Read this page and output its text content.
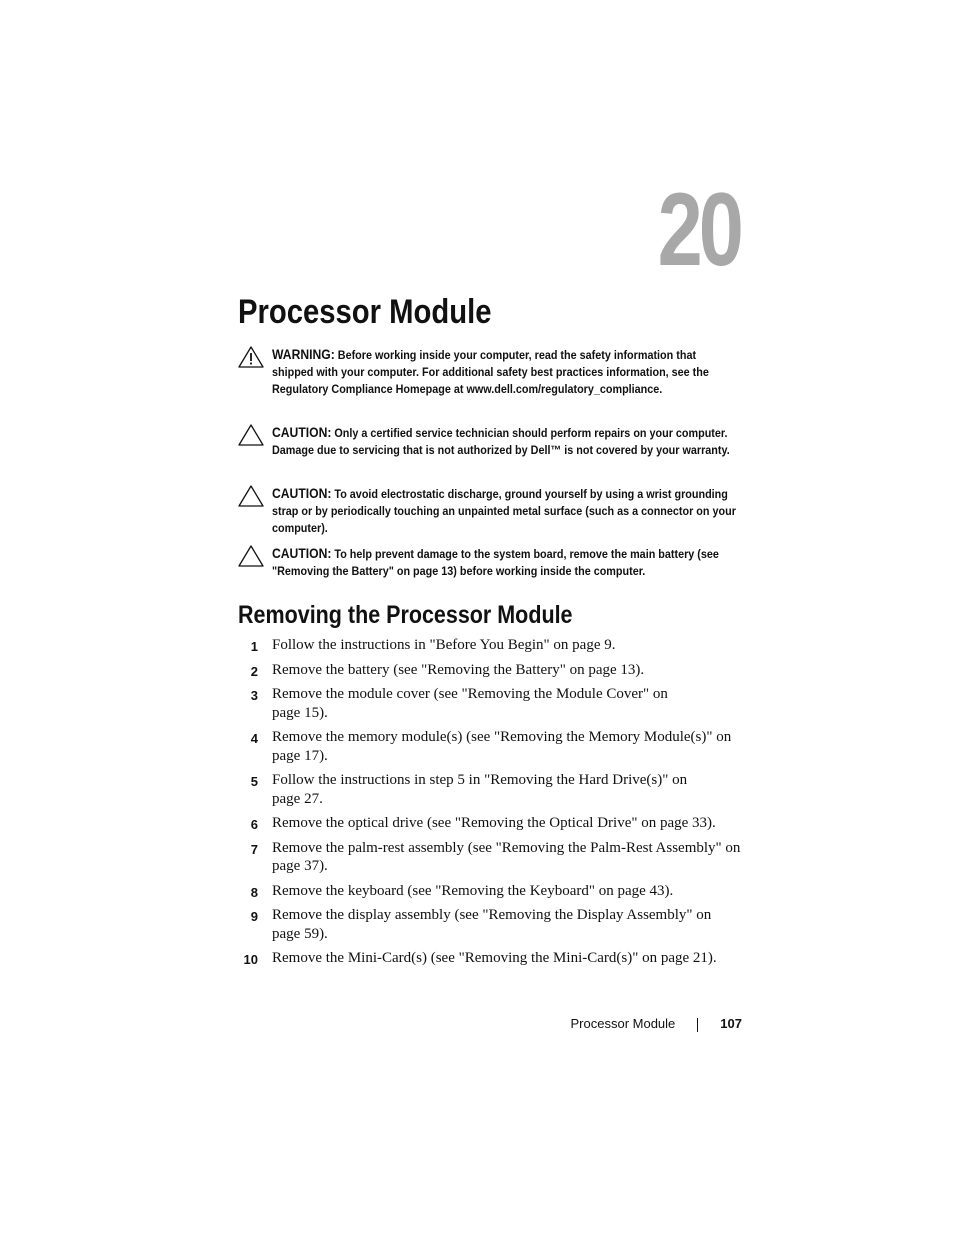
20
Processor Module
WARNING: Before working inside your computer, read the safety information that shipped with your computer. For additional safety best practices information, see the Regulatory Compliance Homepage at www.dell.com/regulatory_compliance.
CAUTION: Only a certified service technician should perform repairs on your computer. Damage due to servicing that is not authorized by Dell™ is not covered by your warranty.
CAUTION: To avoid electrostatic discharge, ground yourself by using a wrist grounding strap or by periodically touching an unpainted metal surface (such as a connector on your computer).
CAUTION: To help prevent damage to the system board, remove the main battery (see "Removing the Battery" on page 13) before working inside the computer.
Removing the Processor Module
1 Follow the instructions in "Before You Begin" on page 9.
2 Remove the battery (see "Removing the Battery" on page 13).
3 Remove the module cover (see "Removing the Module Cover" on page 15).
4 Remove the memory module(s) (see "Removing the Memory Module(s)" on page 17).
5 Follow the instructions in step 5 in "Removing the Hard Drive(s)" on page 27.
6 Remove the optical drive (see "Removing the Optical Drive" on page 33).
7 Remove the palm-rest assembly (see "Removing the Palm-Rest Assembly" on page 37).
8 Remove the keyboard (see "Removing the Keyboard" on page 43).
9 Remove the display assembly (see "Removing the Display Assembly" on page 59).
10 Remove the Mini-Card(s) (see "Removing the Mini-Card(s)" on page 21).
Processor Module	107
